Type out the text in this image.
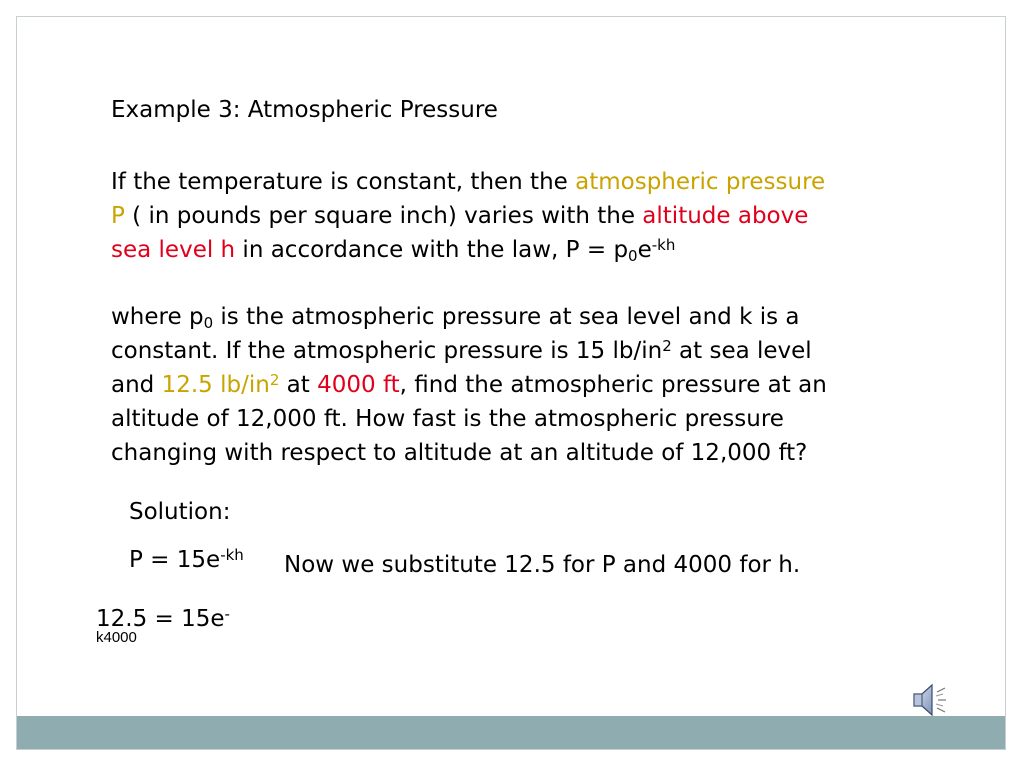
Example 3: Atmospheric Pressure
If the temperature is constant, then the atmospheric pressure
P ( in pounds per square inch) varies with the altitude above
sea level h in accordance with the law, $P = p_0e^{-kh}$
where $p_0$ is the atmospheric pressure at sea level and k is a
constant. If the atmospheric pressure is 15 $lb/in^2$ at sea level
and 12.5 $lb/in^2$ at 4000 ft, find the atmospheric pressure at an
altitude of 12,000 ft. How fast is the atmospheric pressure
changing with respect to altitude at an altitude of 12,000 ft?
Solution:
$P = 15e^{-kh}$ Now we substitute 12.5 for P and 4000 for h.
12.5 = 15e-
k4000
